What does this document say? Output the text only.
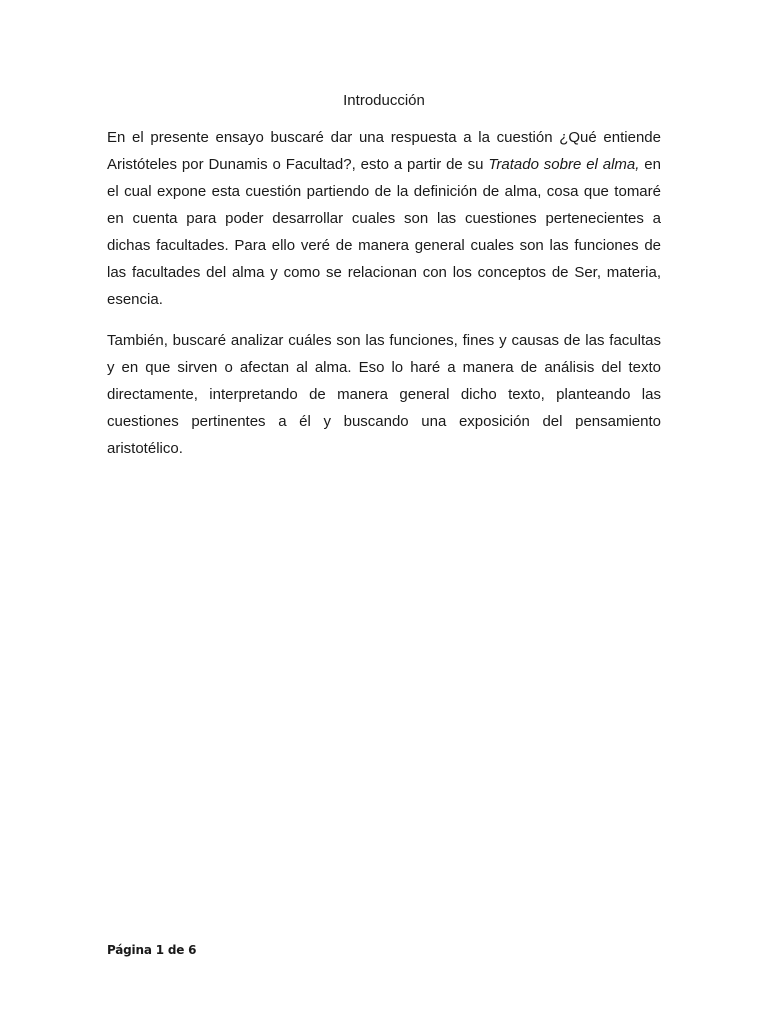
Introducción

En el presente ensayo buscaré dar una respuesta a la cuestión ¿Qué entiende Aristóteles por Dunamis o Facultad?, esto a partir de su Tratado sobre el alma, en el cual expone esta cuestión partiendo de la definición de alma, cosa que tomaré en cuenta para poder desarrollar cuales son las cuestiones pertenecientes a dichas facultades. Para ello veré de manera general cuales son las funciones de las facultades del alma y como se relacionan con los conceptos de Ser, materia, esencia.

También, buscaré analizar cuáles son las funciones, fines y causas de las facultas y en que sirven o afectan al alma. Eso lo haré a manera de análisis del texto directamente, interpretando de manera general dicho texto, planteando las cuestiones pertinentes a él y buscando una exposición del pensamiento aristotélico.

Página 1 de 6
